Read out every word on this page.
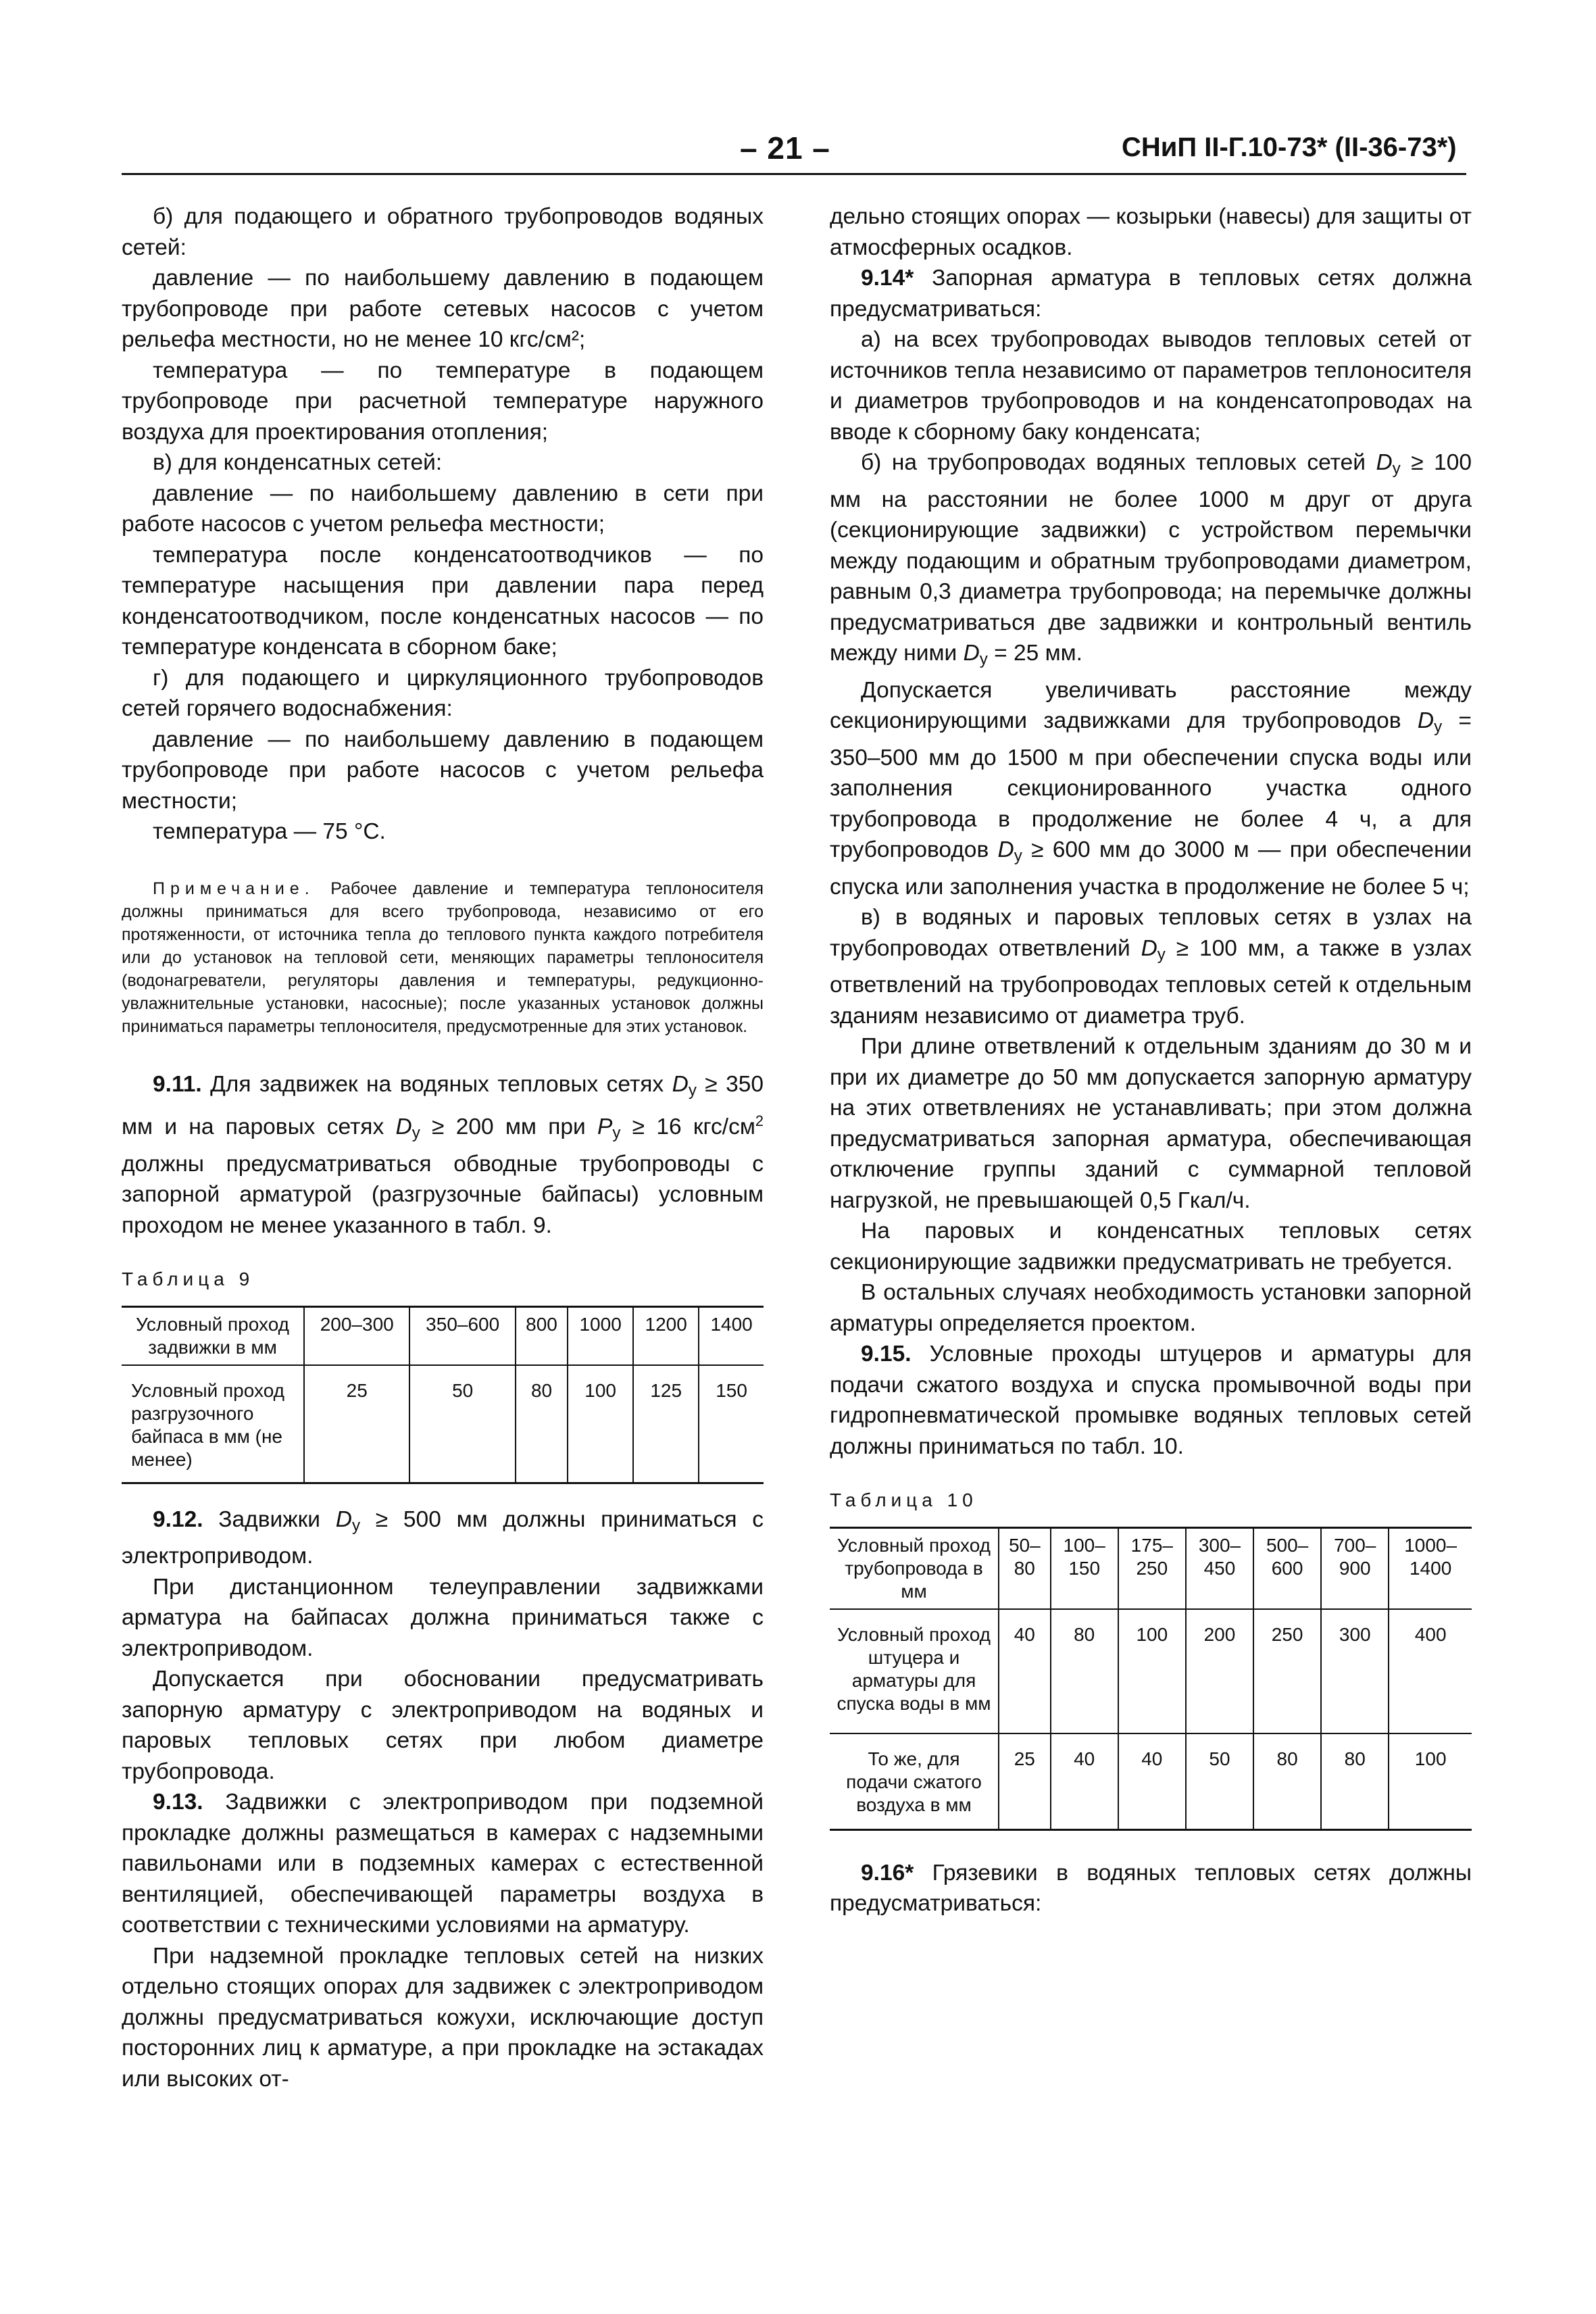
– 21 –	СНиП II-Г.10-73* (II-36-73*)

б) для подающего и обратного трубопроводов водяных сетей:

давление — по наибольшему давлению в подающем трубопроводе при работе сетевых насосов с учетом рельефа местности, но не менее 10 кгс/см²;

температура — по температуре в подающем трубопроводе при расчетной температуре наружного воздуха для проектирования отопления;

в) для конденсатных сетей:

давление — по наибольшему давлению в сети при работе насосов с учетом рельефа местности;

температура после конденсатоотводчиков — по температуре насыщения при давлении пара перед конденсатоотводчиком, после конденсатных насосов — по температуре конденсата в сборном баке;

г) для подающего и циркуляционного трубопроводов сетей горячего водоснабжения:

давление — по наибольшему давлению в подающем трубопроводе при работе насосов с учетом рельефа местности;

температура — 75 °С.

Примечание. Рабочее давление и температура теплоносителя должны приниматься для всего трубопровода, независимо от его протяженности, от источника тепла до теплового пункта каждого потребителя или до установок на тепловой сети, меняющих параметры теплоносителя (водонагреватели, регуляторы давления и температуры, редукционно-увлажнительные установки, насосные); после указанных установок должны приниматься параметры теплоносителя, предусмотренные для этих установок.

9.11. Для задвижек на водяных тепловых сетях $D_у \ge 350$ мм и на паровых сетях $D_у \ge 200$ мм при $P_у \ge 16$ кгс/$см^2$ должны предусматриваться обводные трубопроводы с запорной арматурой (разгрузочные байпасы) условным проходом не менее указанного в табл. 9.

Таблица 9

Условный проход задвижки в мм	200–300	350–600	800	1000	1200	1400
Условный проход разгрузочного байпаса в мм (не менее)	25	50	80	100	125	150

9.12. Задвижки $D_у \ge 500$ мм должны приниматься с электроприводом.

При дистанционном телеуправлении задвижками арматура на байпасах должна приниматься также с электроприводом.

Допускается при обосновании предусматривать запорную арматуру с электроприводом на водяных и паровых тепловых сетях при любом диаметре трубопровода.

9.13. Задвижки с электроприводом при подземной прокладке должны размещаться в камерах с надземными павильонами или в подземных камерах с естественной вентиляцией, обеспечивающей параметры воздуха в соответствии с техническими условиями на арматуру.

При надземной прокладке тепловых сетей на низких отдельно стоящих опорах для задвижек с электроприводом должны предусматриваться кожухи, исключающие доступ посторонних лиц к арматуре, а при прокладке на эстакадах или высоких от-

дельно стоящих опорах — козырьки (навесы) для защиты от атмосферных осадков.

9.14* Запорная арматура в тепловых сетях должна предусматриваться:

а) на всех трубопроводах выводов тепловых сетей от источников тепла независимо от параметров теплоносителя и диаметров трубопроводов и на конденсатопроводах на вводе к сборному баку конденсата;

б) на трубопроводах водяных тепловых сетей $D_у \ge 100$ мм на расстоянии не более 1000 м друг от друга (секционирующие задвижки) с устройством перемычки между подающим и обратным трубопроводами диаметром, равным 0,3 диаметра трубопровода; на перемычке должны предусматриваться две задвижки и контрольный вентиль между ними $D_у = 25$ мм.

Допускается увеличивать расстояние между секционирующими задвижками для трубопроводов $D_у = 350-500$ мм до 1500 м при обеспечении спуска воды или заполнения секционированного участка одного трубопровода в продолжение не более 4 ч, а для трубопроводов $D_у \ge 600$ мм до 3000 м — при обеспечении спуска или заполнения участка в продолжение не более 5 ч;

в) в водяных и паровых тепловых сетях в узлах на трубопроводах ответвлений $D_у \ge 100$ мм, а также в узлах ответвлений на трубопроводах тепловых сетей к отдельным зданиям независимо от диаметра труб.

При длине ответвлений к отдельным зданиям до 30 м и при их диаметре до 50 мм допускается запорную арматуру на этих ответвлениях не устанавливать; при этом должна предусматриваться запорная арматура, обеспечивающая отключение группы зданий с суммарной тепловой нагрузкой, не превышающей 0,5 Гкал/ч.

На паровых и конденсатных тепловых сетях секционирующие задвижки предусматривать не требуется.

В остальных случаях необходимость установки запорной арматуры определяется проектом.

9.15. Условные проходы штуцеров и арматуры для подачи сжатого воздуха и спуска промывочной воды при гидропневматической промывке водяных тепловых сетей должны приниматься по табл. 10.

Таблица 10

Условный проход трубопровода в мм	50–80	100–150	175–250	300–450	500–600	700–900	1000–1400
Условный проход штуцера и арматуры для спуска воды в мм	40	80	100	200	250	300	400
То же, для подачи сжатого воздуха в мм	25	40	40	50	80	80	100

9.16* Грязевики в водяных тепловых сетях должны предусматриваться:
